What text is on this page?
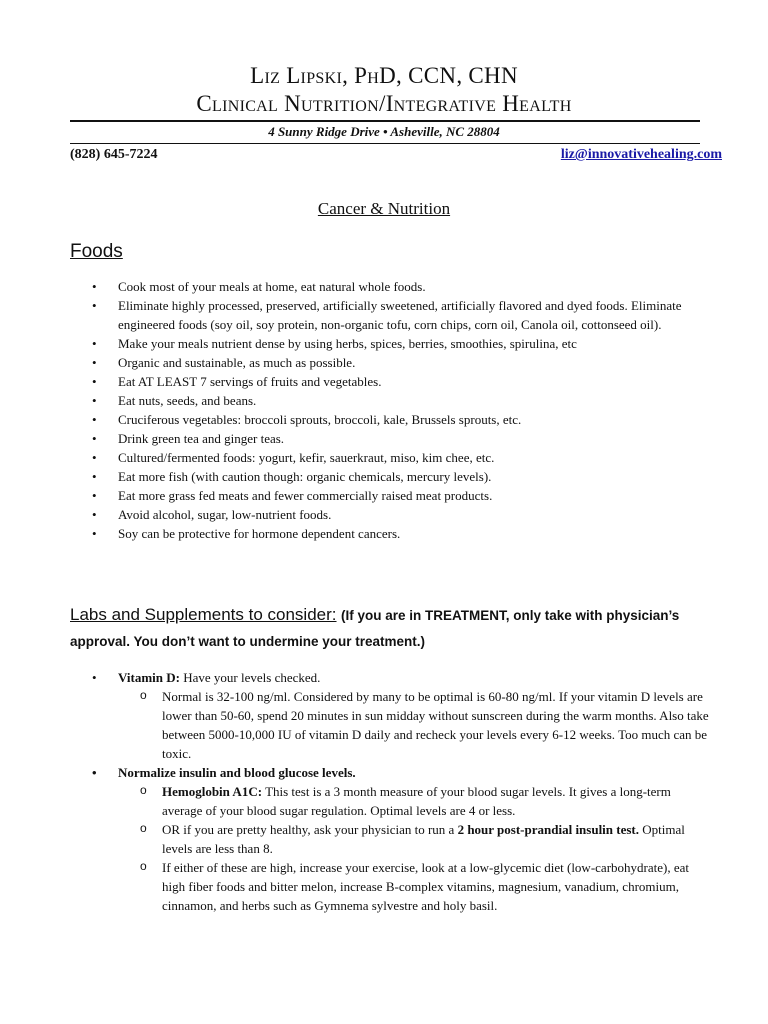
Liz Lipski, PhD, CCN, CHN
Clinical Nutrition/Integrative Health
4 Sunny Ridge Drive • Asheville, NC 28804
(828) 645-7224	liz@innovativehealing.com
Cancer & Nutrition
Foods
• Cook most of your meals at home, eat natural whole foods.
• Eliminate highly processed, preserved, artificially sweetened, artificially flavored and dyed foods. Eliminate engineered foods (soy oil, soy protein, non-organic tofu, corn chips, corn oil, Canola oil, cottonseed oil).
• Make your meals nutrient dense by using herbs, spices, berries, smoothies, spirulina, etc
• Organic and sustainable, as much as possible.
• Eat AT LEAST 7 servings of fruits and vegetables.
• Eat nuts, seeds, and beans.
• Cruciferous vegetables: broccoli sprouts, broccoli, kale, Brussels sprouts, etc.
• Drink green tea and ginger teas.
• Cultured/fermented foods: yogurt, kefir, sauerkraut, miso, kim chee, etc.
• Eat more fish (with caution though: organic chemicals, mercury levels).
• Eat more grass fed meats and fewer commercially raised meat products.
• Avoid alcohol, sugar, low-nutrient foods.
• Soy can be protective for hormone dependent cancers.
Labs and Supplements to consider: (If you are in TREATMENT, only take with physician’s approval. You don’t want to undermine your treatment.)
• Vitamin D: Have your levels checked.
o Normal is 32-100 ng/ml. Considered by many to be optimal is 60-80 ng/ml. If your vitamin D levels are lower than 50-60, spend 20 minutes in sun midday without sunscreen during the warm months. Also take between 5000-10,000 IU of vitamin D daily and recheck your levels every 6-12 weeks. Too much can be toxic.
• Normalize insulin and blood glucose levels.
o Hemoglobin A1C: This test is a 3 month measure of your blood sugar levels. It gives a long-term average of your blood sugar regulation. Optimal levels are 4 or less.
o OR if you are pretty healthy, ask your physician to run a 2 hour post-prandial insulin test. Optimal levels are less than 8.
o If either of these are high, increase your exercise, look at a low-glycemic diet (low-carbohydrate), eat high fiber foods and bitter melon, increase B-complex vitamins, magnesium, vanadium, chromium, cinnamon, and herbs such as Gymnema sylvestre and holy basil.
